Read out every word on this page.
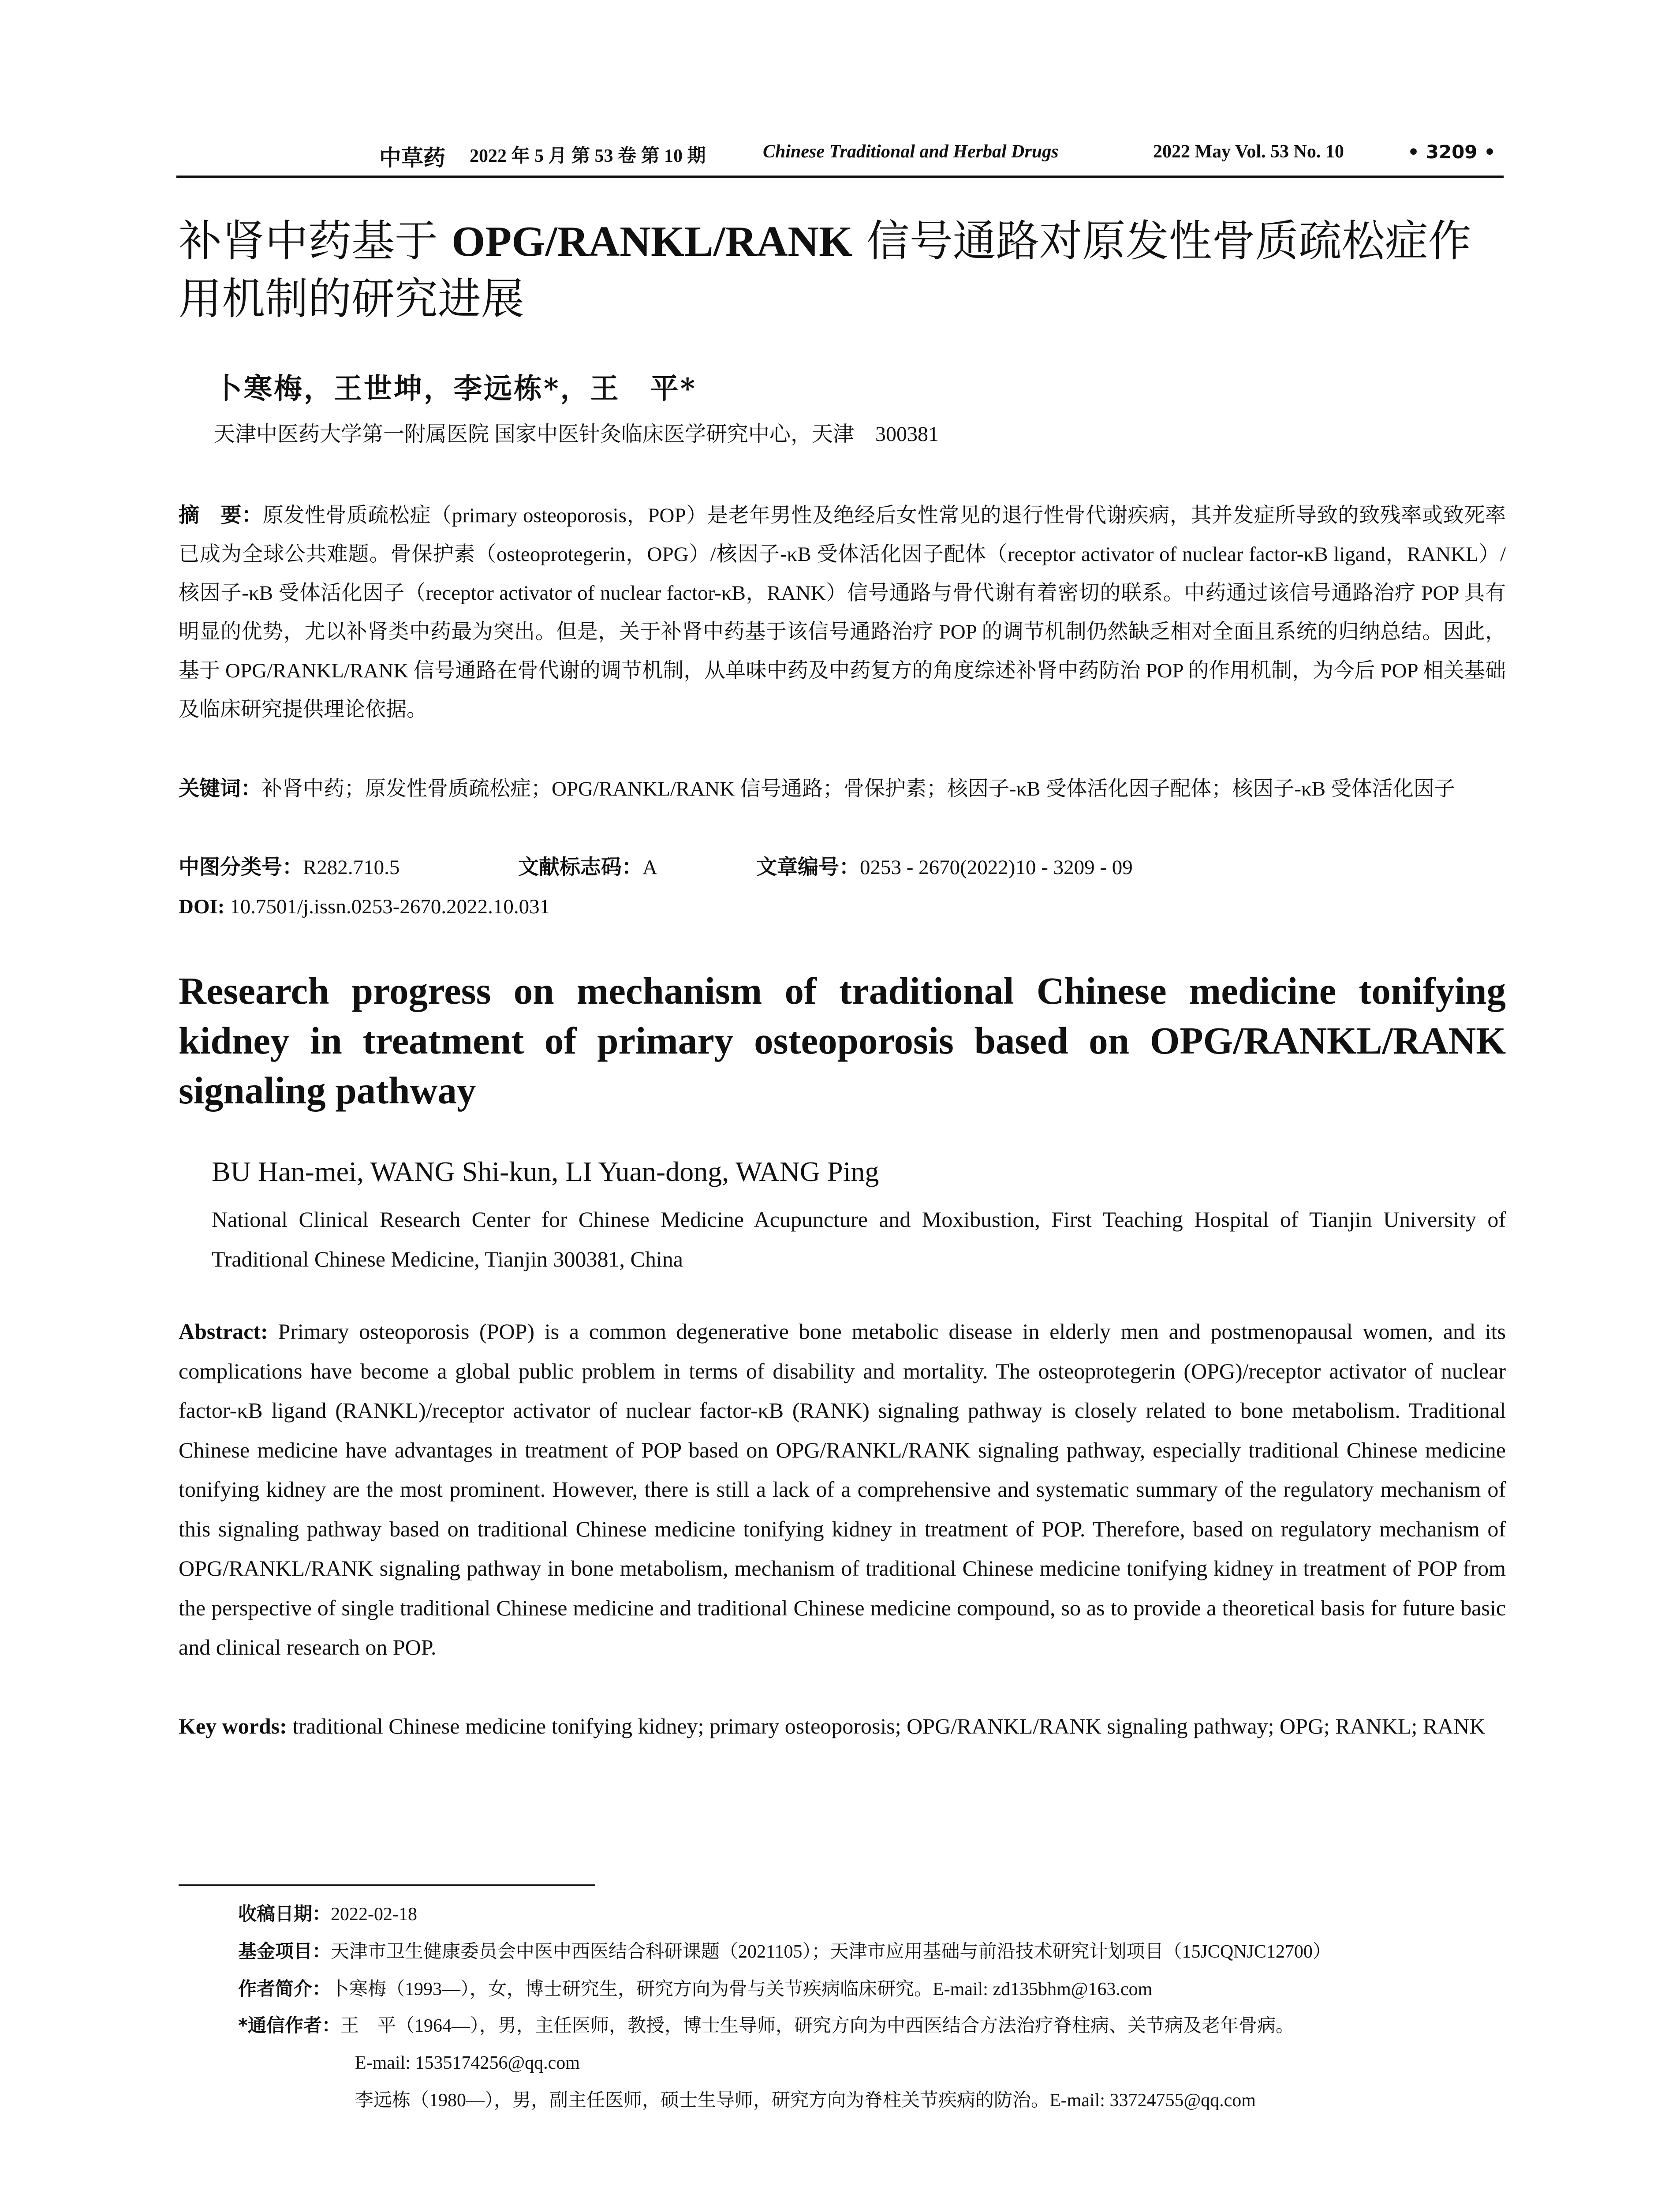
中草药 2022 年 5 月 第 53 卷 第 10 期	Chinese Traditional and Herbal Drugs	2022 May Vol. 53 No. 10	• 3209 •
补肾中药基于 OPG/RANKL/RANK 信号通路对原发性骨质疏松症作用机制的研究进展
卜寒梅，王世坤，李远栋*，王　平*
天津中医药大学第一附属医院 国家中医针灸临床医学研究中心，天津　300381
摘　要：原发性骨质疏松症（primary osteoporosis，POP）是老年男性及绝经后女性常见的退行性骨代谢疾病，其并发症所导致的致残率或致死率已成为全球公共难题。骨保护素（osteoprotegerin，OPG）/核因子-κB 受体活化因子配体（receptor activator of nuclear factor-κB ligand，RANKL）/核因子-κB 受体活化因子（receptor activator of nuclear factor-κB，RANK）信号通路与骨代谢有着密切的联系。中药通过该信号通路治疗 POP 具有明显的优势，尤以补肾类中药最为突出。但是，关于补肾中药基于该信号通路治疗 POP 的调节机制仍然缺乏相对全面且系统的归纳总结。因此，基于 OPG/RANKL/RANK 信号通路在骨代谢的调节机制，从单味中药及中药复方的角度综述补肾中药防治 POP 的作用机制，为今后 POP 相关基础及临床研究提供理论依据。
关键词：补肾中药；原发性骨质疏松症；OPG/RANKL/RANK 信号通路；骨保护素；核因子-κB 受体活化因子配体；核因子-κB 受体活化因子
中图分类号：R282.710.5	文献标志码：A	文章编号：0253 - 2670(2022)10 - 3209 - 09
DOI: 10.7501/j.issn.0253-2670.2022.10.031
Research progress on mechanism of traditional Chinese medicine tonifying kidney in treatment of primary osteoporosis based on OPG/RANKL/RANK signaling pathway
BU Han-mei, WANG Shi-kun, LI Yuan-dong, WANG Ping
National Clinical Research Center for Chinese Medicine Acupuncture and Moxibustion, First Teaching Hospital of Tianjin University of Traditional Chinese Medicine, Tianjin 300381, China
Abstract: Primary osteoporosis (POP) is a common degenerative bone metabolic disease in elderly men and postmenopausal women, and its complications have become a global public problem in terms of disability and mortality. The osteoprotegerin (OPG)/receptor activator of nuclear factor-κB ligand (RANKL)/receptor activator of nuclear factor-κB (RANK) signaling pathway is closely related to bone metabolism. Traditional Chinese medicine have advantages in treatment of POP based on OPG/RANKL/RANK signaling pathway, especially traditional Chinese medicine tonifying kidney are the most prominent. However, there is still a lack of a comprehensive and systematic summary of the regulatory mechanism of this signaling pathway based on traditional Chinese medicine tonifying kidney in treatment of POP. Therefore, based on regulatory mechanism of OPG/RANKL/RANK signaling pathway in bone metabolism, mechanism of traditional Chinese medicine tonifying kidney in treatment of POP from the perspective of single traditional Chinese medicine and traditional Chinese medicine compound, so as to provide a theoretical basis for future basic and clinical research on POP.
Key words: traditional Chinese medicine tonifying kidney; primary osteoporosis; OPG/RANKL/RANK signaling pathway; OPG; RANKL; RANK
收稿日期：2022-02-18
基金项目：天津市卫生健康委员会中医中西医结合科研课题（2021105）；天津市应用基础与前沿技术研究计划项目（15JCQNJC12700）
作者简介：卜寒梅（1993—），女，博士研究生，研究方向为骨与关节疾病临床研究。E-mail: zd135bhm@163.com
*通信作者：王　平（1964—），男，主任医师，教授，博士生导师，研究方向为中西医结合方法治疗脊柱病、关节病及老年骨病。
E-mail: 1535174256@qq.com
李远栋（1980—），男，副主任医师，硕士生导师，研究方向为脊柱关节疾病的防治。E-mail: 33724755@qq.com
